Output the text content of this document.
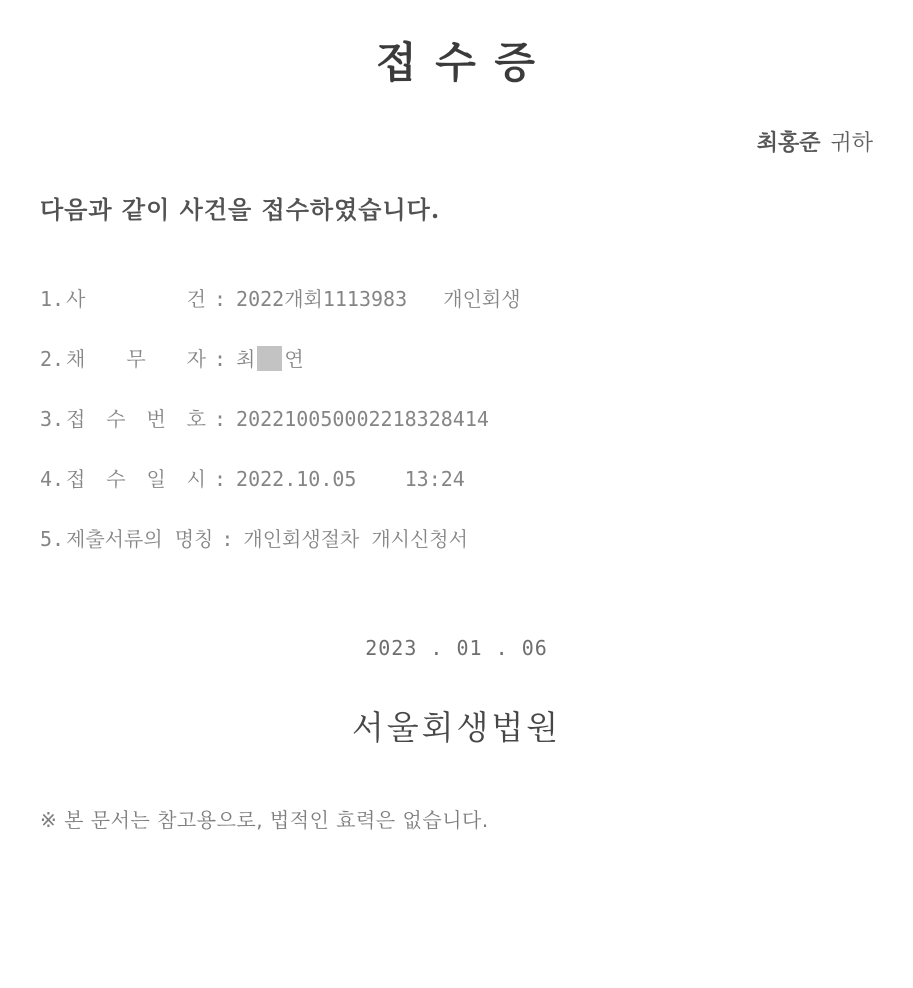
접 수 증
최홍준 귀하

다음과 같이 사건을 접수하였습니다.

1. 사	건 : 2022개회1113983   개인회생
2. 채 무 자 : 최 연
3. 접 수 번 호 : 202210050002218328414
4. 접 수 일 시 : 2022.10.05    13:24
5. 제 출 서 류 의
명 칭 : 개인회생절차 개시신청서
2023 . 01 . 06
서울회생법원

※ 본 문서는 참고용으로, 법적인 효력은 없습니다.
